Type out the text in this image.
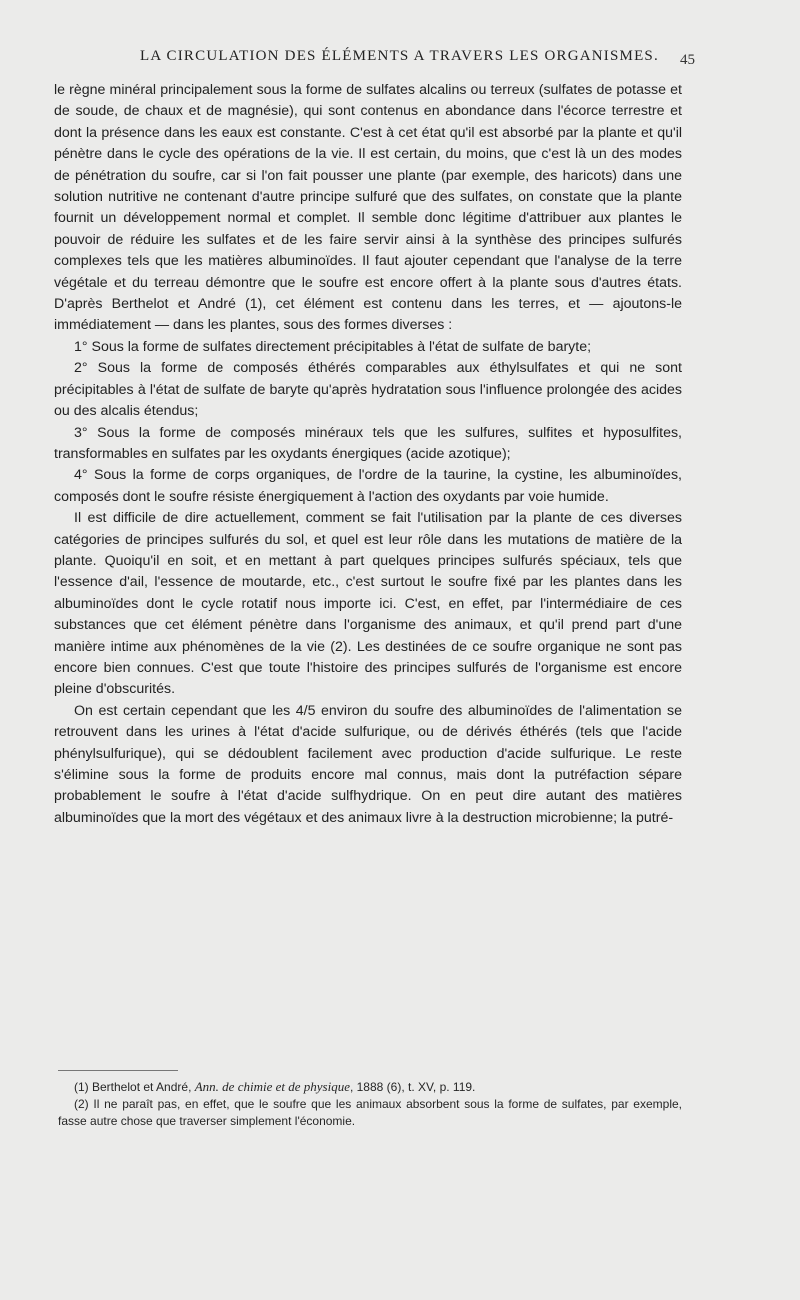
LA CIRCULATION DES ÉLÉMENTS A TRAVERS LES ORGANISMES. 45

le règne minéral principalement sous la forme de sulfates alcalins ou terreux (sulfates de potasse et de soude, de chaux et de magnésie), qui sont contenus en abondance dans l'écorce terrestre et dont la présence dans les eaux est constante. C'est à cet état qu'il est absorbé par la plante et qu'il pénètre dans le cycle des opérations de la vie. Il est certain, du moins, que c'est là un des modes de pénétration du soufre, car si l'on fait pousser une plante (par exemple, des haricots) dans une solution nutritive ne contenant d'autre principe sulfuré que des sulfates, on constate que la plante fournit un développement normal et complet. Il semble donc légitime d'attribuer aux plantes le pouvoir de réduire les sulfates et de les faire servir ainsi à la synthèse des principes sulfurés complexes tels que les matières albuminoïdes. Il faut ajouter cependant que l'analyse de la terre végétale et du terreau démontre que le soufre est encore offert à la plante sous d'autres états. D'après Berthelot et André (1), cet élément est contenu dans les terres, et — ajoutons-le immédiatement — dans les plantes, sous des formes diverses :

1° Sous la forme de sulfates directement précipitables à l'état de sulfate de baryte;

2° Sous la forme de composés éthérés comparables aux éthylsulfates et qui ne sont précipitables à l'état de sulfate de baryte qu'après hydratation sous l'influence prolongée des acides ou des alcalis étendus;

3° Sous la forme de composés minéraux tels que les sulfures, sulfites et hyposulfites, transformables en sulfates par les oxydants énergiques (acide azotique);

4° Sous la forme de corps organiques, de l'ordre de la taurine, la cystine, les albuminoïdes, composés dont le soufre résiste énergiquement à l'action des oxydants par voie humide.

Il est difficile de dire actuellement, comment se fait l'utilisation par la plante de ces diverses catégories de principes sulfurés du sol, et quel est leur rôle dans les mutations de matière de la plante. Quoiqu'il en soit, et en mettant à part quelques principes sulfurés spéciaux, tels que l'essence d'ail, l'essence de moutarde, etc., c'est surtout le soufre fixé par les plantes dans les albuminoïdes dont le cycle rotatif nous importe ici. C'est, en effet, par l'intermédiaire de ces substances que cet élément pénètre dans l'organisme des animaux, et qu'il prend part d'une manière intime aux phénomènes de la vie (2). Les destinées de ce soufre organique ne sont pas encore bien connues. C'est que toute l'histoire des principes sulfurés de l'organisme est encore pleine d'obscurités.

On est certain cependant que les 4/5 environ du soufre des albuminoïdes de l'alimentation se retrouvent dans les urines à l'état d'acide sulfurique, ou de dérivés éthérés (tels que l'acide phénylsulfurique), qui se dédoublent facilement avec production d'acide sulfurique. Le reste s'élimine sous la forme de produits encore mal connus, mais dont la putréfaction sépare probablement le soufre à l'état d'acide sulfhydrique. On en peut dire autant des matières albuminoïdes que la mort des végétaux et des animaux livre à la destruction microbienne; la putré-

(1) Berthelot et André, Ann. de chimie et de physique, 1888 (6), t. XV, p. 119.

(2) Il ne paraît pas, en effet, que le soufre que les animaux absorbent sous la forme de sulfates, par exemple, fasse autre chose que traverser simplement l'économie.
